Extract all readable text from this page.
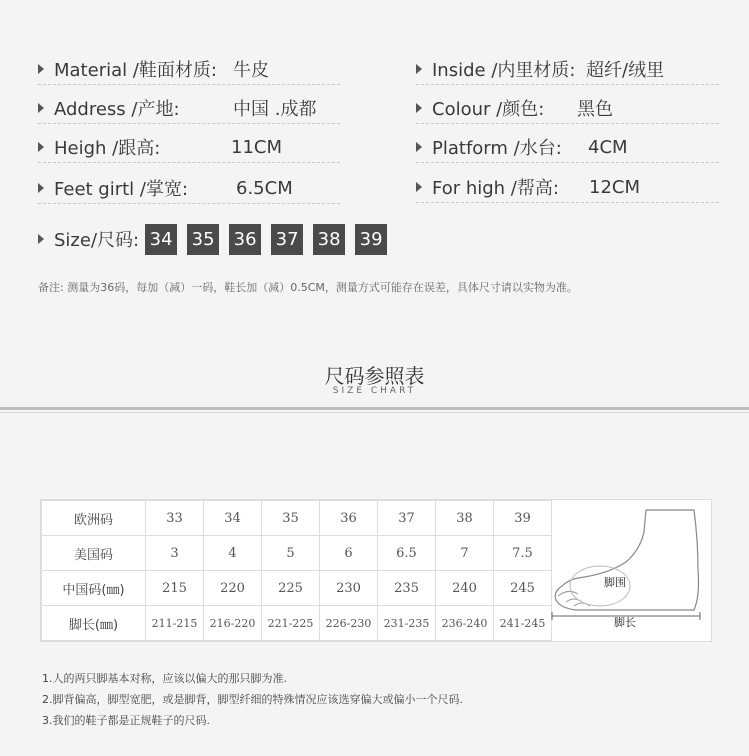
Material /鞋面材质: 牛皮
Address /产地:	中国 .成都
Heigh /跟高:	11CM
Feet girtl /掌宽:	6.5CM
Inside /内里材质: 超纤/绒里
Colour /颜色: 黑色
Platform /水台: 4CM
For high /帮高: 12CM
Size/尺码: 34 35 36 37 38 39
备注: 测量为36码，每加（减）一码，鞋长加（减）0.5CM，测量方式可能存在误差，具体尺寸请以实物为准。
尺码参照表
SIZE CHART
欧洲码	33	34	35	36	37	38	39
美国码	3	4	5	6	6.5	7	7.5
中国码(㎜)	215	220	225	230	235	240	245
脚长(㎜)	211-215	216-220	221-225	226-230	231-235	236-240	241-245
脚围
脚长
1.人的两只脚基本对称，应该以偏大的那只脚为准.
2.脚背偏高，脚型宽肥，或是脚背，脚型纤细的特殊情况应该选穿偏大或偏小一个尺码.
3.我们的鞋子都是正规鞋子的尺码.
